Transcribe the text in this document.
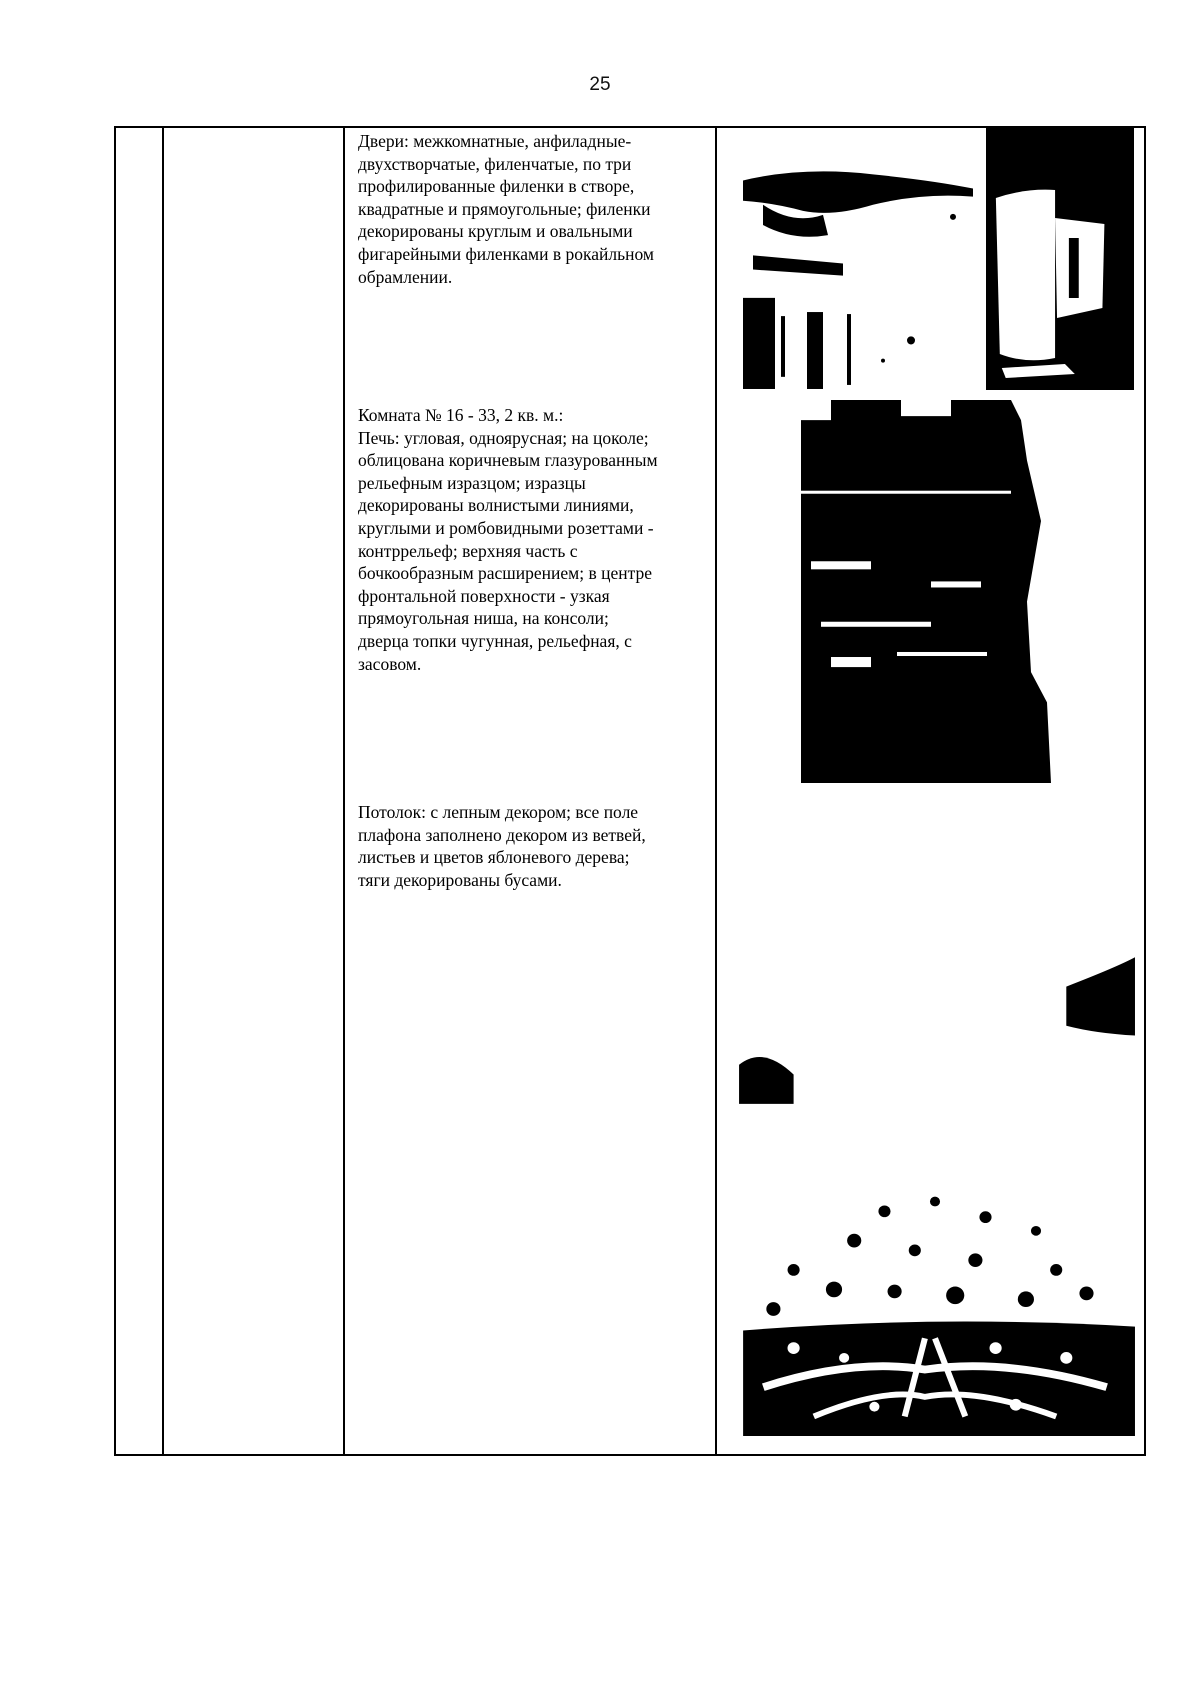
25
Двери: межкомнатные, анфиладные-
двухстворчатые, филенчатые, по три
профилированные филенки в створе,
квадратные и прямоугольные; филенки
декорированы круглым и овальными
фигарейными филенками в рокайльном
обрамлении.
Комната № 16 - 33, 2 кв. м.:
Печь: угловая, одноярусная; на цоколе;
облицована коричневым глазурованным
рельефным изразцом; изразцы
декорированы волнистыми линиями,
круглыми и ромбовидными розеттами -
контррельеф; верхняя часть с
бочкообразным расширением; в центре
фронтальной поверхности - узкая
прямоугольная ниша, на консоли;
дверца топки чугунная, рельефная, с
засовом.
Потолок: с лепным декором; все поле
плафона заполнено декором из ветвей,
листьев и цветов яблоневого дерева;
тяги декорированы бусами.
